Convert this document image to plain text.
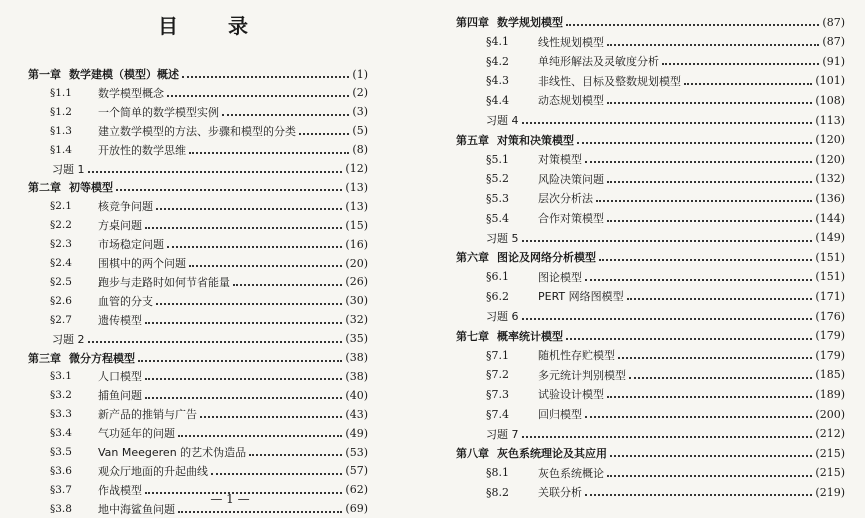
目	录
第一章 数学建模（模型）概述	(1)
§1.1	数学模型概念	(2)
§1.2	一个简单的数学模型实例	(3)
§1.3	建立数学模型的方法、步骤和模型的分类	(5)
§1.4	开放性的数学思维	(8)
习题 1	(12)
第二章 初等模型	(13)
§2.1	核竞争问题	(13)
§2.2	方桌问题	(15)
§2.3	市场稳定问题	(16)
§2.4	围棋中的两个问题	(20)
§2.5	跑步与走路时如何节省能量	(26)
§2.6	血管的分支	(30)
§2.7	遗传模型	(32)
习题 2	(35)
第三章 微分方程模型	(38)
§3.1	人口模型	(38)
§3.2	捕鱼问题	(40)
§3.3	新产品的推销与广告	(43)
§3.4	气功延年的问题	(49)
§3.5	Van Meegeren 的艺术伪造品	(53)
§3.6	观众厅地面的升起曲线	(57)
§3.7	作战模型	(62)
§3.8	地中海鲨鱼问题	(69)
第四章 数学规划模型	(87)
§4.1	线性规划模型	(87)
§4.2	单纯形解法及灵敏度分析	(91)
§4.3	非线性、目标及整数规划模型	(101)
§4.4	动态规划模型	(108)
习题 4	(113)
第五章 对策和决策模型	(120)
§5.1	对策模型	(120)
§5.2	风险决策问题	(132)
§5.3	层次分析法	(136)
§5.4	合作对策模型	(144)
习题 5	(149)
第六章 图论及网络分析模型	(151)
§6.1	图论模型	(151)
§6.2	PERT 网络图模型	(171)
习题 6	(176)
第七章 概率统计模型	(179)
§7.1	随机性存贮模型	(179)
§7.2	多元统计判别模型	(185)
§7.3	试验设计模型	(189)
§7.4	回归模型	(200)
习题 7	(212)
第八章 灰色系统理论及其应用	(215)
§8.1	灰色系统概论	(215)
§8.2	关联分析	(219)
— 1 —
